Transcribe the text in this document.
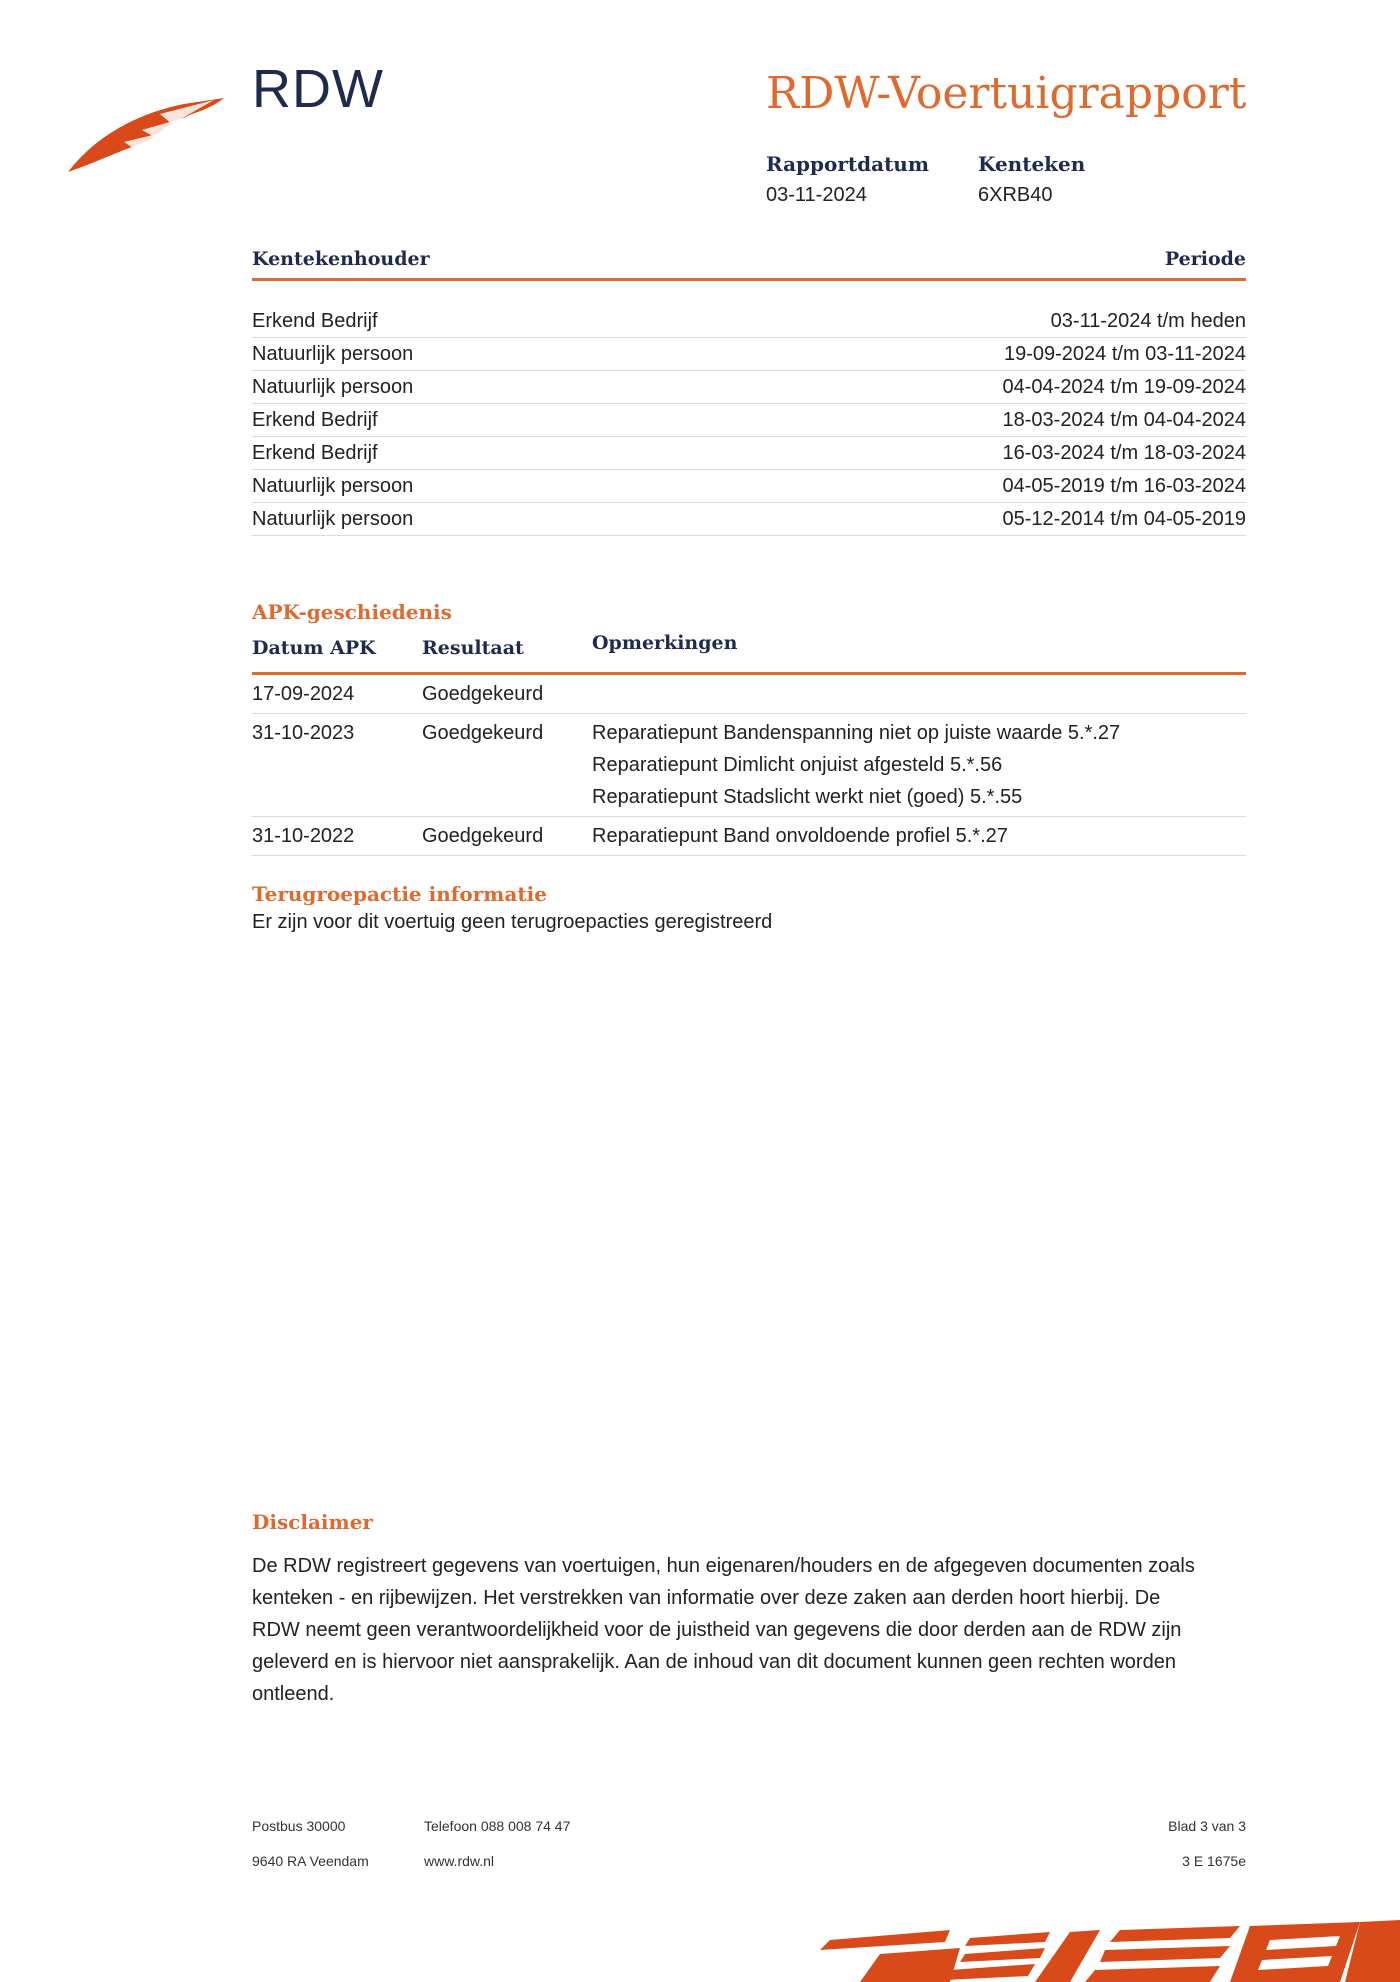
RDW	RDW-Voertuigrapport
Rapportdatum
03-11-2024
Kenteken
6XRB40
Kentekenhouder	Periode
Erkend Bedrijf	03-11-2024 t/m heden
Natuurlijk persoon	19-09-2024 t/m 03-11-2024
Natuurlijk persoon	04-04-2024 t/m 19-09-2024
Erkend Bedrijf	18-03-2024 t/m 04-04-2024
Erkend Bedrijf	16-03-2024 t/m 18-03-2024
Natuurlijk persoon	04-05-2019 t/m 16-03-2024
Natuurlijk persoon	05-12-2014 t/m 04-05-2019
APK-geschiedenis
Datum APK	Resultaat	Opmerkingen
17-09-2024	Goedgekeurd
31-10-2023	Goedgekeurd	Reparatiepunt Bandenspanning niet op juiste waarde 5.*.27
Reparatiepunt Dimlicht onjuist afgesteld 5.*.56
Reparatiepunt Stadslicht werkt niet (goed) 5.*.55
31-10-2022	Goedgekeurd	Reparatiepunt Band onvoldoende profiel 5.*.27
Terugroepactie informatie
Er zijn voor dit voertuig geen terugroepacties geregistreerd
Disclaimer
De RDW registreert gegevens van voertuigen, hun eigenaren/houders en de afgegeven documenten zoals
kenteken - en rijbewijzen. Het verstrekken van informatie over deze zaken aan derden hoort hierbij. De
RDW neemt geen verantwoordelijkheid voor de juistheid van gegevens die door derden aan de RDW zijn
geleverd en is hiervoor niet aansprakelijk. Aan de inhoud van dit document kunnen geen rechten worden
ontleend.
Postbus 30000
9640 RA Veendam
Telefoon 088 008 74 47
www.rdw.nl
Blad 3 van 3
3 E 1675e
